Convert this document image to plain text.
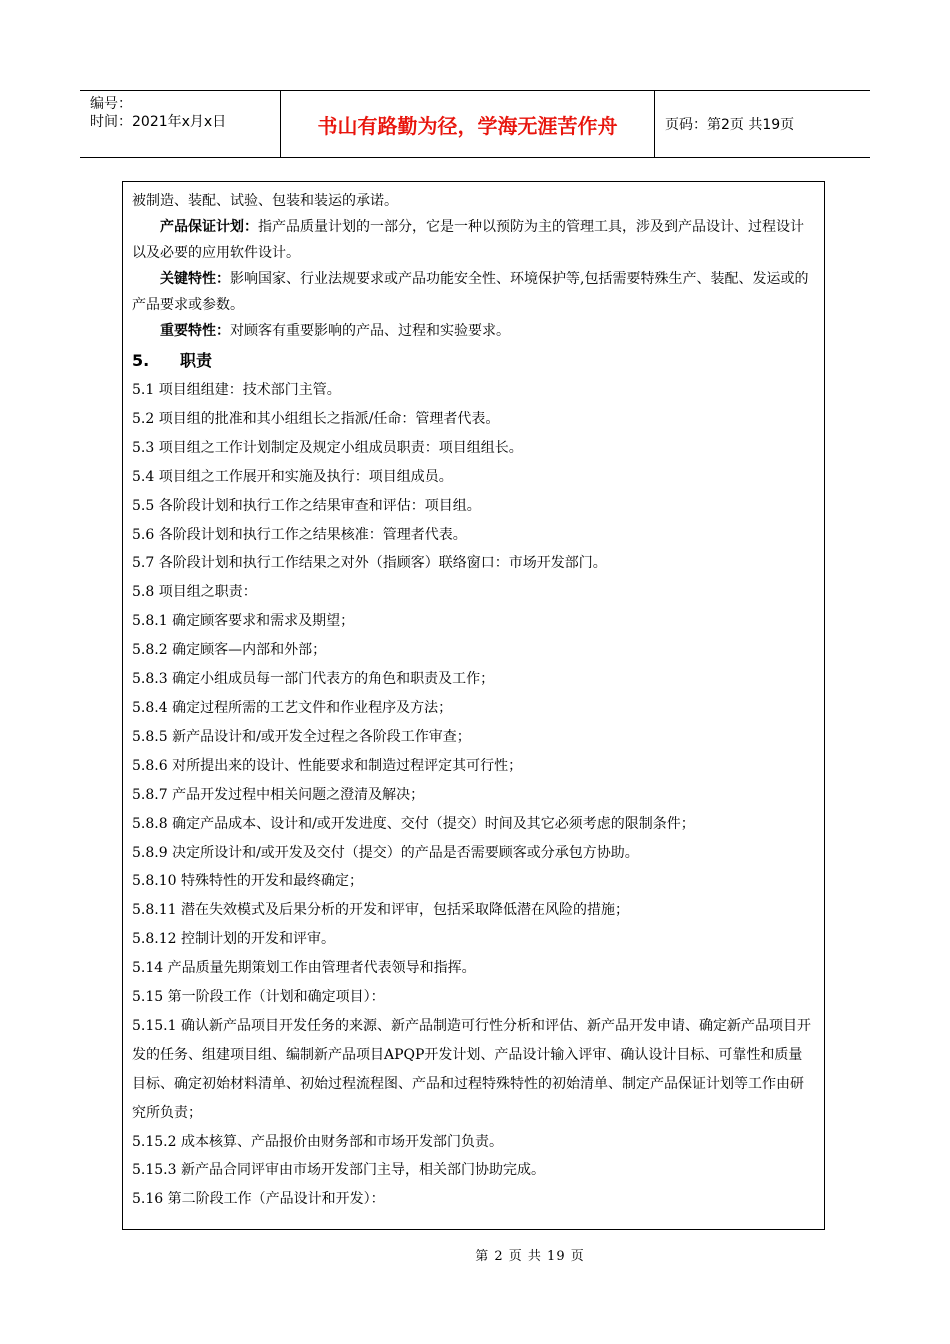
编号：
时间：2021年x月x日	书山有路勤为径，学海无涯苦作舟	页码：第2页 共19页

被制造、装配、试验、包装和装运的承诺。

产品保证计划：指产品质量计划的一部分，它是一种以预防为主的管理工具，涉及到产品设计、过程设计以及必要的应用软件设计。

关键特性：影响国家、行业法规要求或产品功能安全性、环境保护等,包括需要特殊生产、装配、发运或的产品要求或参数。

重要特性：对顾客有重要影响的产品、过程和实验要求。

5. 职责

5.1 项目组组建：技术部门主管。

5.2 项目组的批准和其小组组长之指派/任命：管理者代表。

5.3 项目组之工作计划制定及规定小组成员职责：项目组组长。

5.4 项目组之工作展开和实施及执行：项目组成员。

5.5 各阶段计划和执行工作之结果审查和评估：项目组。

5.6 各阶段计划和执行工作之结果核准：管理者代表。

5.7 各阶段计划和执行工作结果之对外（指顾客）联络窗口：市场开发部门。

5.8 项目组之职责：

5.8.1 确定顾客要求和需求及期望；

5.8.2 确定顾客—内部和外部；

5.8.3 确定小组成员每一部门代表方的角色和职责及工作；

5.8.4 确定过程所需的工艺文件和作业程序及方法；

5.8.5 新产品设计和/或开发全过程之各阶段工作审查；

5.8.6 对所提出来的设计、性能要求和制造过程评定其可行性；

5.8.7 产品开发过程中相关问题之澄清及解决；

5.8.8 确定产品成本、设计和/或开发进度、交付（提交）时间及其它必须考虑的限制条件；

5.8.9 决定所设计和/或开发及交付（提交）的产品是否需要顾客或分承包方协助。

5.8.10 特殊特性的开发和最终确定；

5.8.11 潜在失效模式及后果分析的开发和评审，包括采取降低潜在风险的措施；

5.8.12 控制计划的开发和评审。

5.14 产品质量先期策划工作由管理者代表领导和指挥。

5.15 第一阶段工作（计划和确定项目）：

5.15.1 确认新产品项目开发任务的来源、新产品制造可行性分析和评估、新产品开发申请、确定新产品项目开发的任务、组建项目组、编制新产品项目APQP开发计划、产品设计输入评审、确认设计目标、可靠性和质量目标、确定初始材料清单、初始过程流程图、产品和过程特殊特性的初始清单、制定产品保证计划等工作由研究所负责；

5.15.2 成本核算、产品报价由财务部和市场开发部门负责。

5.15.3 新产品合同评审由市场开发部门主导，相关部门协助完成。

5.16 第二阶段工作（产品设计和开发）：

第 2 页 共 19 页
